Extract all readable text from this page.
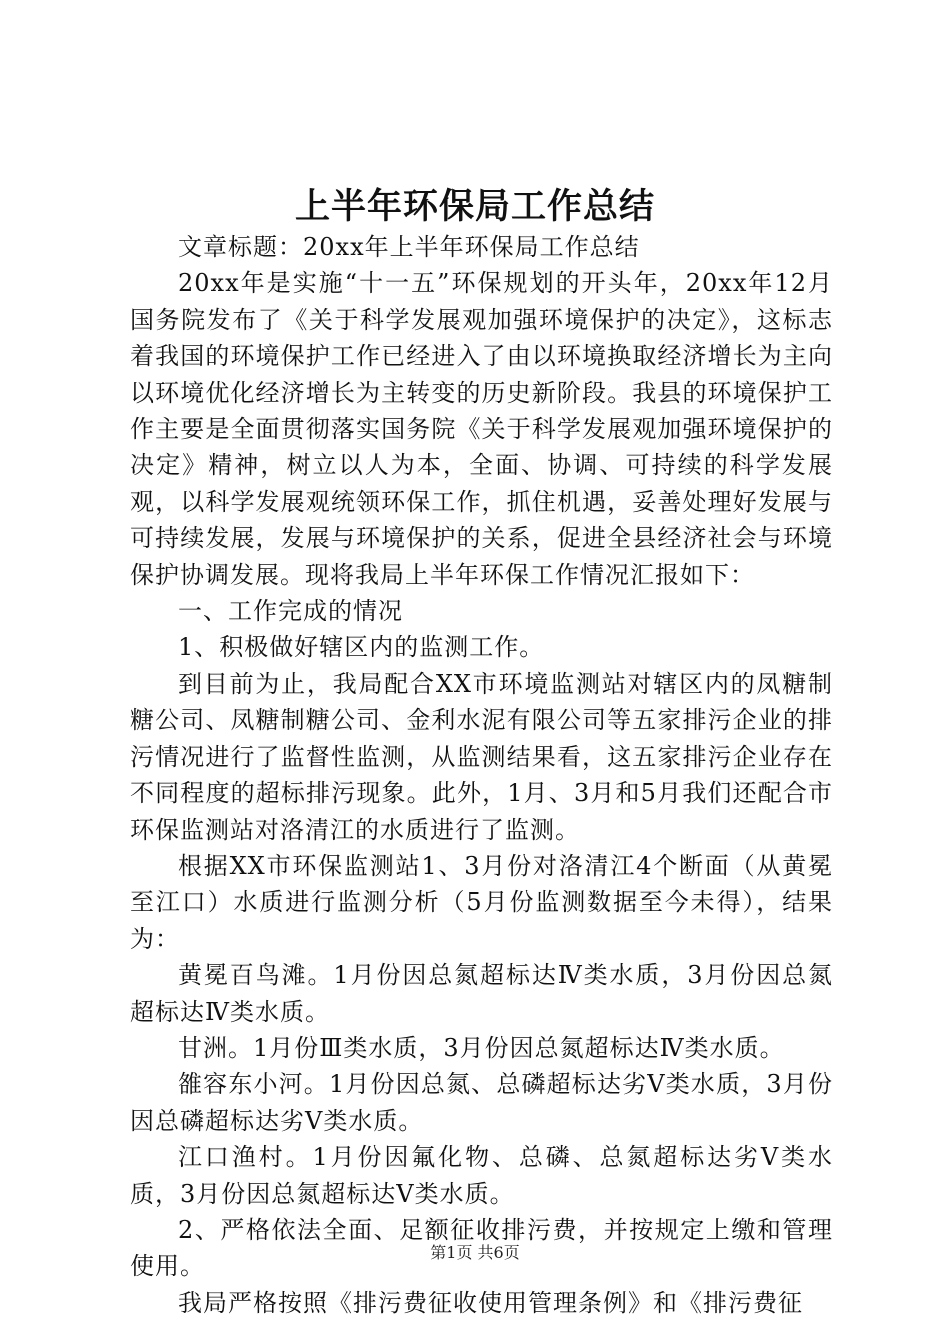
上半年环保局工作总结

文章标题：20xx年上半年环保局工作总结

20xx年是实施“十一五”环保规划的开头年，20xx年12月国务院发布了《关于科学发展观加强环境保护的决定》，这标志着我国的环境保护工作已经进入了由以环境换取经济增长为主向以环境优化经济增长为主转变的历史新阶段。我县的环境保护工作主要是全面贯彻落实国务院《关于科学发展观加强环境保护的决定》精神，树立以人为本，全面、协调、可持续的科学发展观，以科学发展观统领环保工作，抓住机遇，妥善处理好发展与可持续发展，发展与环境保护的关系，促进全县经济社会与环境保护协调发展。现将我局上半年环保工作情况汇报如下：

一、工作完成的情况

1、积极做好辖区内的监测工作。

到目前为止，我局配合XX市环境监测站对辖区内的凤糖制糖公司、凤糖制糖公司、金利水泥有限公司等五家排污企业的排污情况进行了监督性监测，从监测结果看，这五家排污企业存在不同程度的超标排污现象。此外，1月、3月和5月我们还配合市环保监测站对洛清江的水质进行了监测。

根据XX市环保监测站1、3月份对洛清江4个断面（从黄冕至江口）水质进行监测分析（5月份监测数据至今未得），结果为：

黄冕百鸟滩。1月份因总氮超标达Ⅳ类水质，3月份因总氮超标达Ⅳ类水质。

甘洲。1月份Ⅲ类水质，3月份因总氮超标达Ⅳ类水质。

雒容东小河。1月份因总氮、总磷超标达劣Ⅴ类水质，3月份因总磷超标达劣Ⅴ类水质。

江口渔村。1月份因氟化物、总磷、总氮超标达劣Ⅴ类水质，3月份因总氮超标达Ⅴ类水质。

2、严格依法全面、足额征收排污费，并按规定上缴和管理使用。

我局严格按照《排污费征收使用管理条例》和《排污费征

第1页 共6页
